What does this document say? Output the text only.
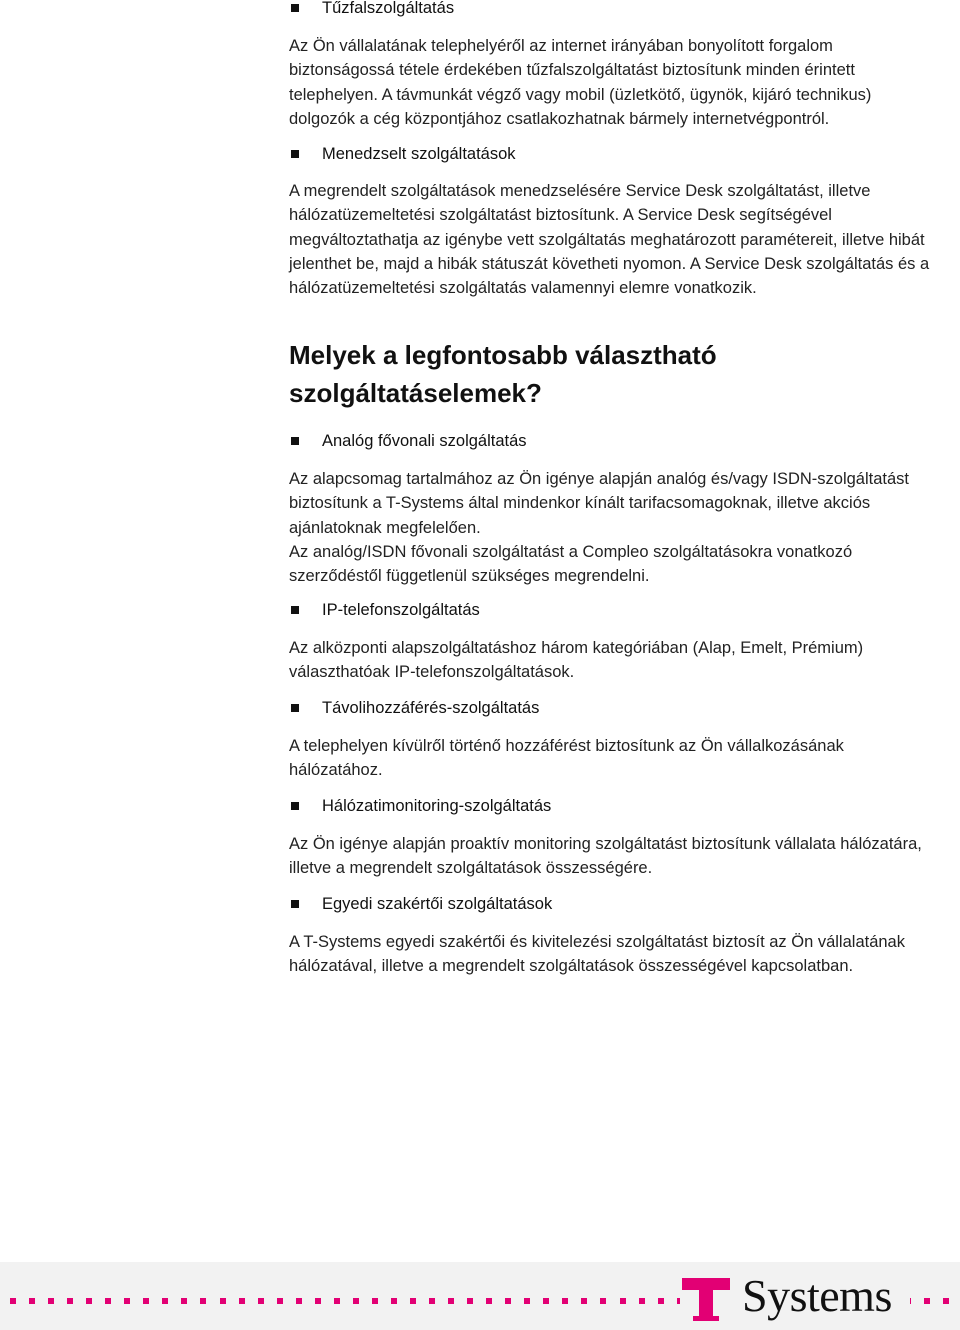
Tűzfalszolgáltatás

Az Ön vállalatának telephelyéről az internet irányában bonyolított forgalom
biztonságossá tétele érdekében tűzfalszolgáltatást biztosítunk minden érintett
telephelyen. A távmunkát végző vagy mobil (üzletkötő, ügynök, kijáró technikus)
dolgozók a cég központjához csatlakozhatnak bármely internetvégpontról.

Menedzselt szolgáltatások

A megrendelt szolgáltatások menedzselésére Service Desk szolgáltatást, illetve
hálózatüzemeltetési szolgáltatást biztosítunk. A Service Desk segítségével
megváltoztathatja az igénybe vett szolgáltatás meghatározott paramétereit, illetve hibát
jelenthet be, majd a hibák státuszát követheti nyomon. A Service Desk szolgáltatás és a
hálózatüzemeltetési szolgáltatás valamennyi elemre vonatkozik.

Melyek a legfontosabb választható
szolgáltatáselemek?

Analóg fővonali szolgáltatás

Az alapcsomag tartalmához az Ön igénye alapján analóg és/vagy ISDN-szolgáltatást
biztosítunk a T-Systems által mindenkor kínált tarifacsomagoknak, illetve akciós
ajánlatoknak megfelelően.
Az analóg/ISDN fővonali szolgáltatást a Compleo szolgáltatásokra vonatkozó
szerződéstől függetlenül szükséges megrendelni.

IP-telefonszolgáltatás

Az alközponti alapszolgáltatáshoz három kategóriában (Alap, Emelt, Prémium)
választhatóak IP-telefonszolgáltatások.

Távolihozzáférés-szolgáltatás

A telephelyen kívülről történő hozzáférést biztosítunk az Ön vállalkozásának
hálózatához.

Hálózatimonitoring-szolgáltatás

Az Ön igénye alapján proaktív monitoring szolgáltatást biztosítunk vállalata hálózatára,
illetve a megrendelt szolgáltatások összességére.

Egyedi szakértői szolgáltatások

A T-Systems egyedi szakértői és kivitelezési szolgáltatást biztosít az Ön vállalatának
hálózatával, illetve a megrendelt szolgáltatások összességével kapcsolatban.

Systems
